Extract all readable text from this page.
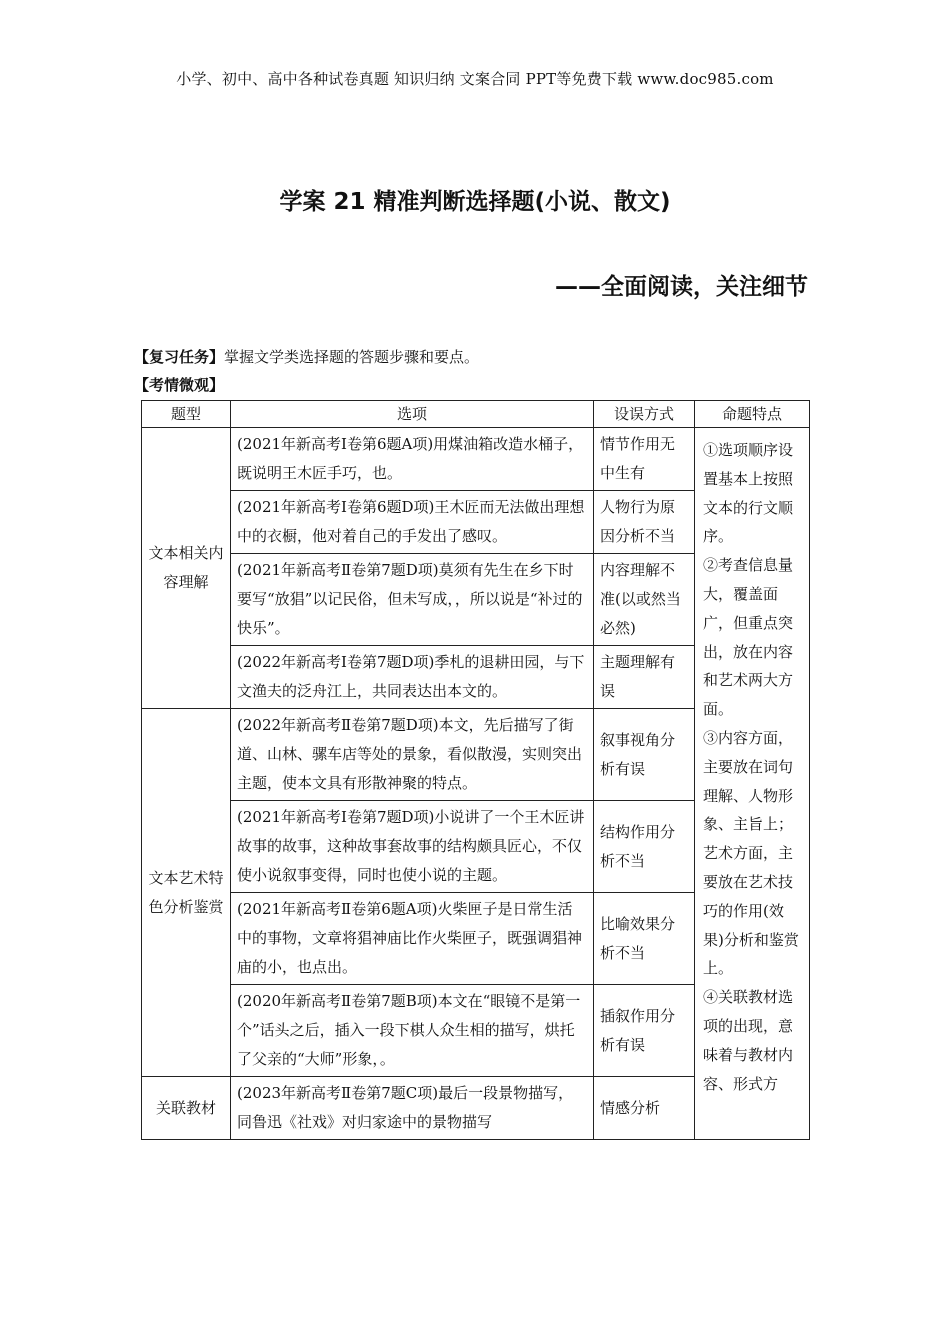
小学、初中、高中各种试卷真题 知识归纳 文案合同 PPT等免费下载 www.doc985.com
学案 21 精准判断选择题(小说、散文)
——全面阅读，关注细节
【复习任务】掌握文学类选择题的答题步骤和要点。
【考情微观】
题型	选项	设误方式	命题特点
文本相关内容理解	(2021年新高考Ⅰ卷第6题A项)用煤油箱改造水桶子，既说明王木匠手巧，也。	情节作用无中生有	①选项顺序设置基本上按照文本的行文顺序。
②考查信息量大，覆盖面广，但重点突出，放在内容和艺术两大方面。
③内容方面，主要放在词句理解、人物形象、主旨上；艺术方面，主要放在艺术技巧的作用(效果)分析和鉴赏上。
④关联教材选项的出现，意味着与教材内容、形式方

	(2021年新高考Ⅰ卷第6题D项)王木匠而无法做出理想中的衣橱，他对着自己的手发出了感叹。	人物行为原因分析不当	
	(2021年新高考Ⅱ卷第7题D项)莫须有先生在乡下时要写“放猖”以记民俗，但未写成，，所以说是“补过的快乐”。	内容理解不准(以或然当必然)	
	(2022年新高考Ⅰ卷第7题D项)季札的退耕田园，与下文渔夫的泛舟江上，共同表达出本文的。	主题理解有误	
文本艺术特色分析鉴赏	(2022年新高考Ⅱ卷第7题D项)本文，先后描写了街道、山林、骡车店等处的景象，看似散漫，实则突出主题，使本文具有形散神聚的特点。	叙事视角分析有误	
	(2021年新高考Ⅰ卷第7题D项)小说讲了一个王木匠讲故事的故事，这种故事套故事的结构颇具匠心，不仅使小说叙事变得，同时也使小说的主题。	结构作用分析不当	
	(2021年新高考Ⅱ卷第6题A项)火柴匣子是日常生活中的事物，文章将猖神庙比作火柴匣子，既强调猖神庙的小，也点出。	比喻效果分析不当	
	(2020年新高考Ⅱ卷第7题B项)本文在“眼镜不是第一个”话头之后，插入一段下棋人众生相的描写，烘托了父亲的“大师”形象，。	插叙作用分析有误	
关联教材	(2023年新高考Ⅱ卷第7题C项)最后一段景物描写，同鲁迅《社戏》对归家途中的景物描写	情感分析	
